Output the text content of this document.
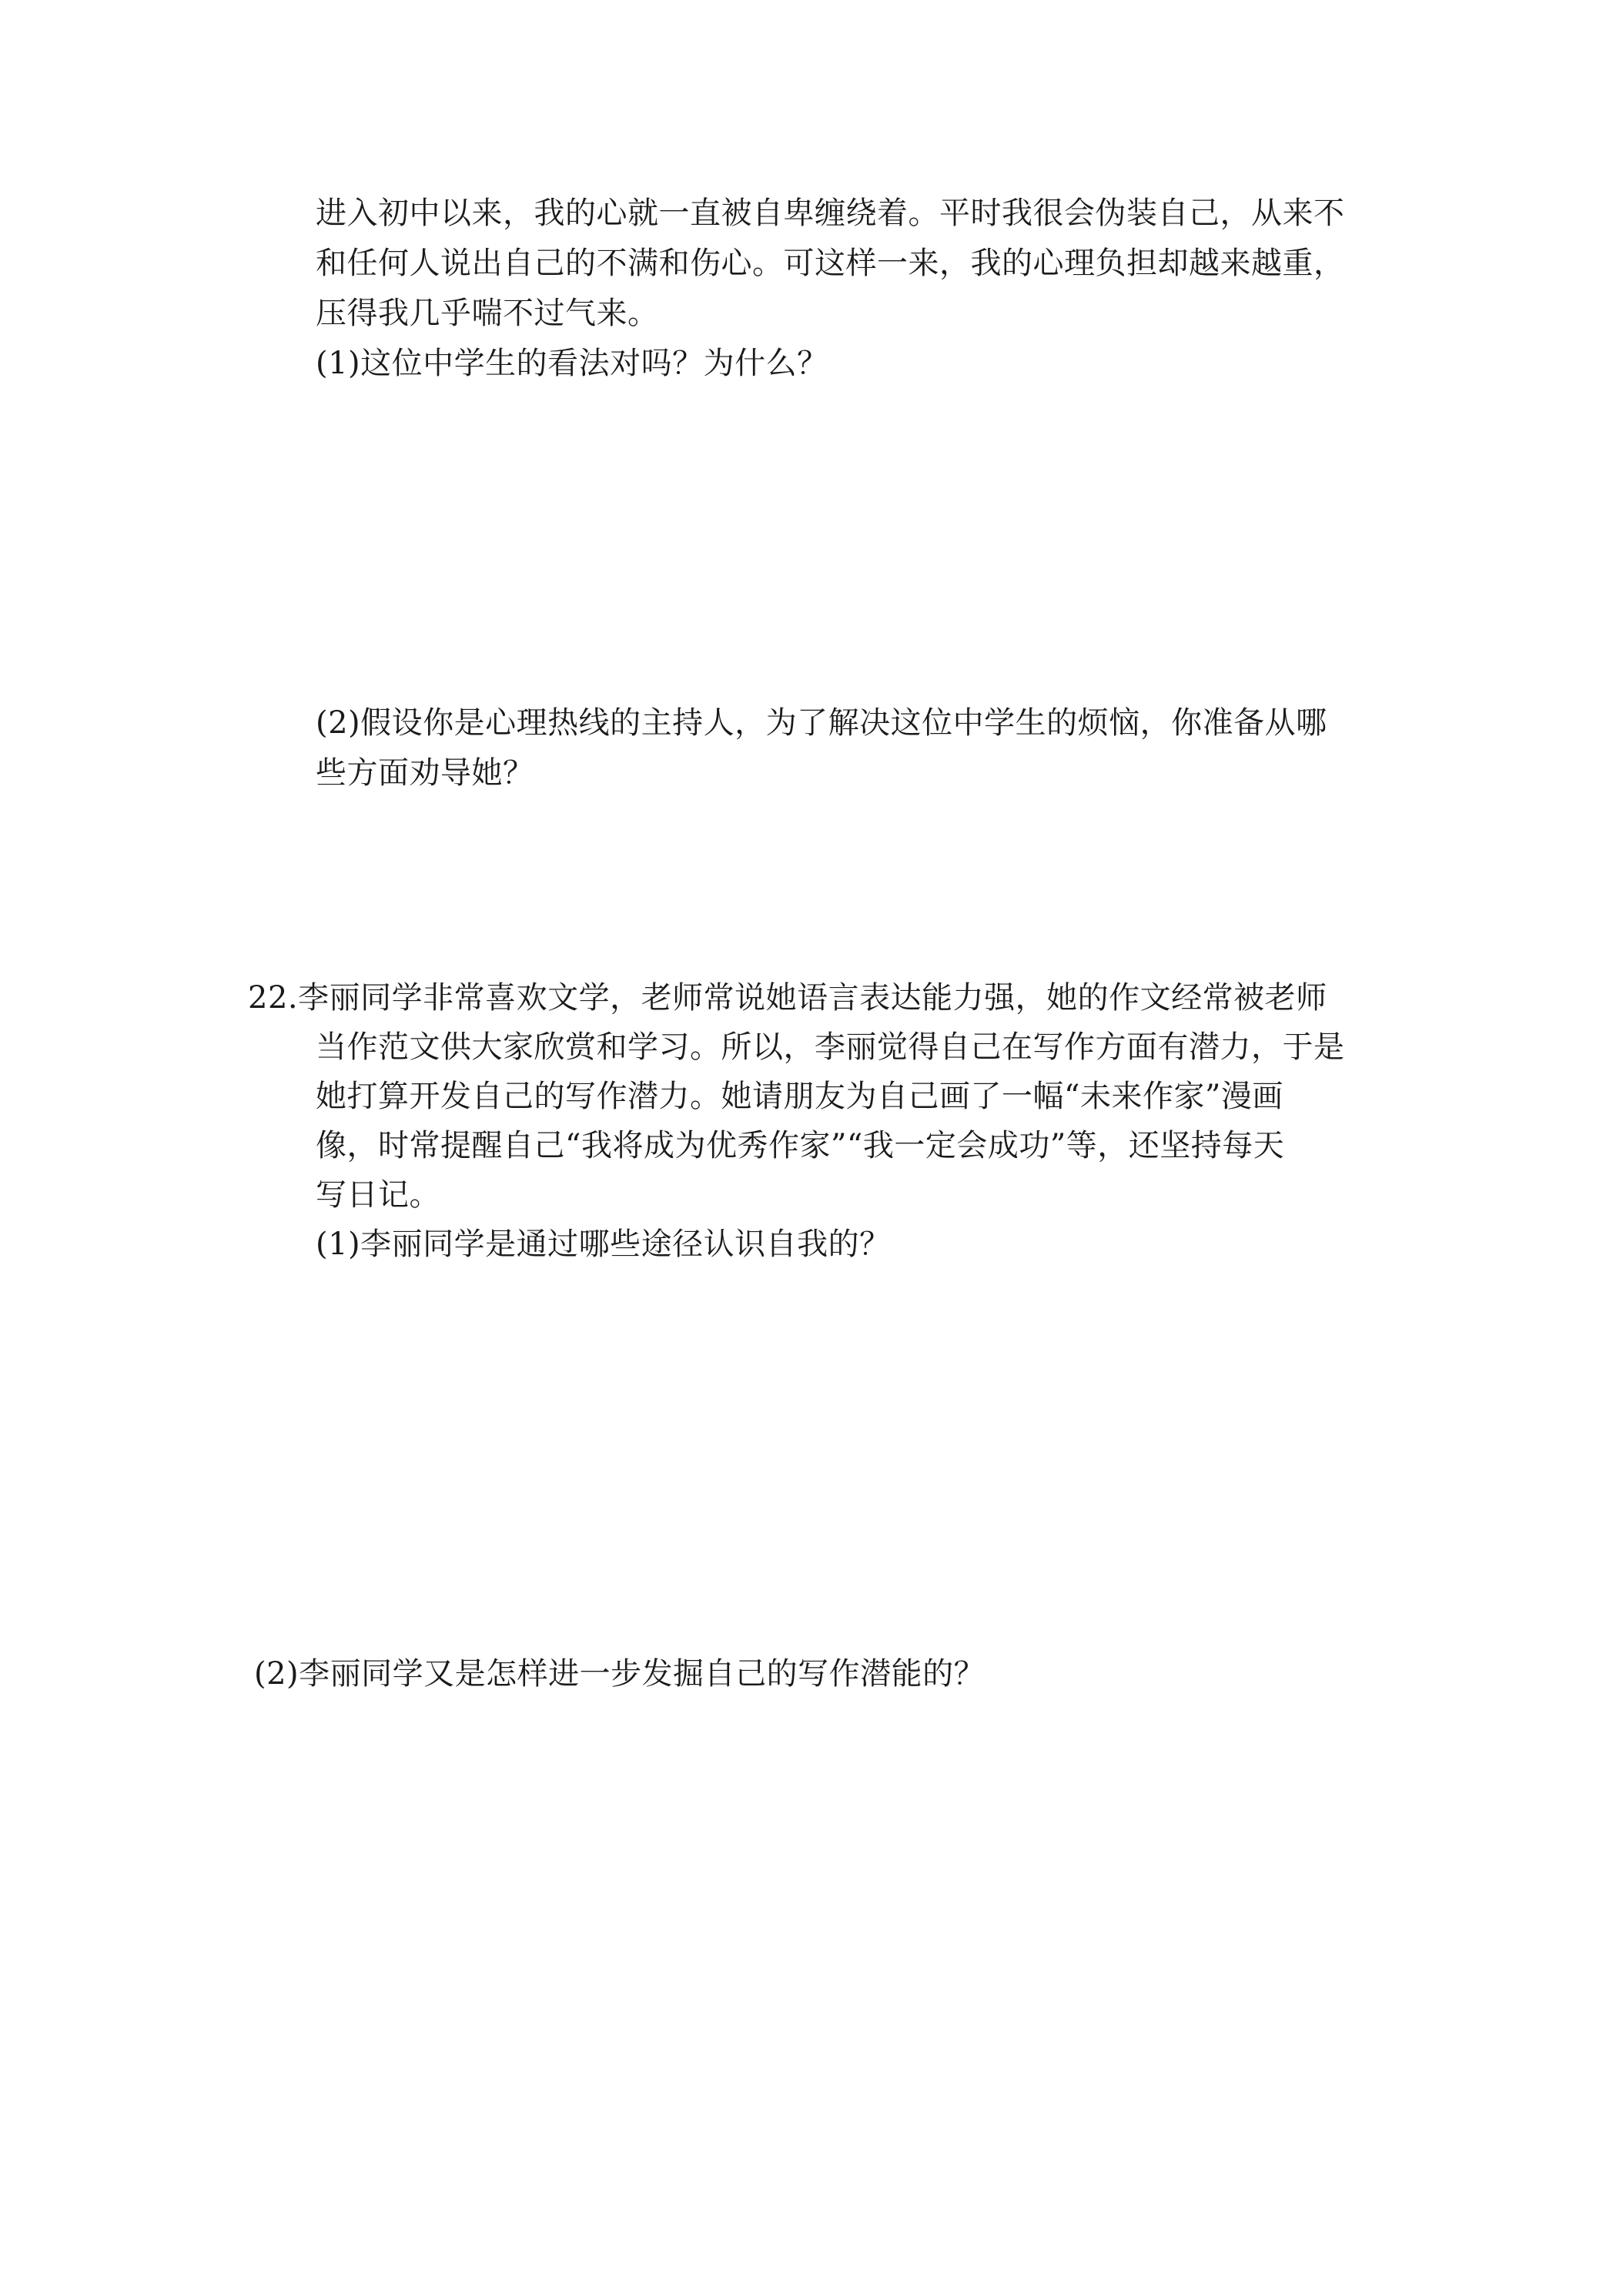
进入初中以来，我的心就一直被自卑缠绕着。平时我很会伪装自己，从来不
和任何人说出自己的不满和伤心。可这样一来，我的心理负担却越来越重，
压得我几乎喘不过气来。
(1)这位中学生的看法对吗？为什么？
(2)假设你是心理热线的主持人，为了解决这位中学生的烦恼，你准备从哪
些方面劝导她？
22.李丽同学非常喜欢文学，老师常说她语言表达能力强，她的作文经常被老师
当作范文供大家欣赏和学习。所以，李丽觉得自己在写作方面有潜力，于是
她打算开发自己的写作潜力。她请朋友为自己画了一幅“未来作家”漫画
像，时常提醒自己“我将成为优秀作家”“我一定会成功”等，还坚持每天
写日记。
(1)李丽同学是通过哪些途径认识自我的？
(2)李丽同学又是怎样进一步发掘自己的写作潜能的？
